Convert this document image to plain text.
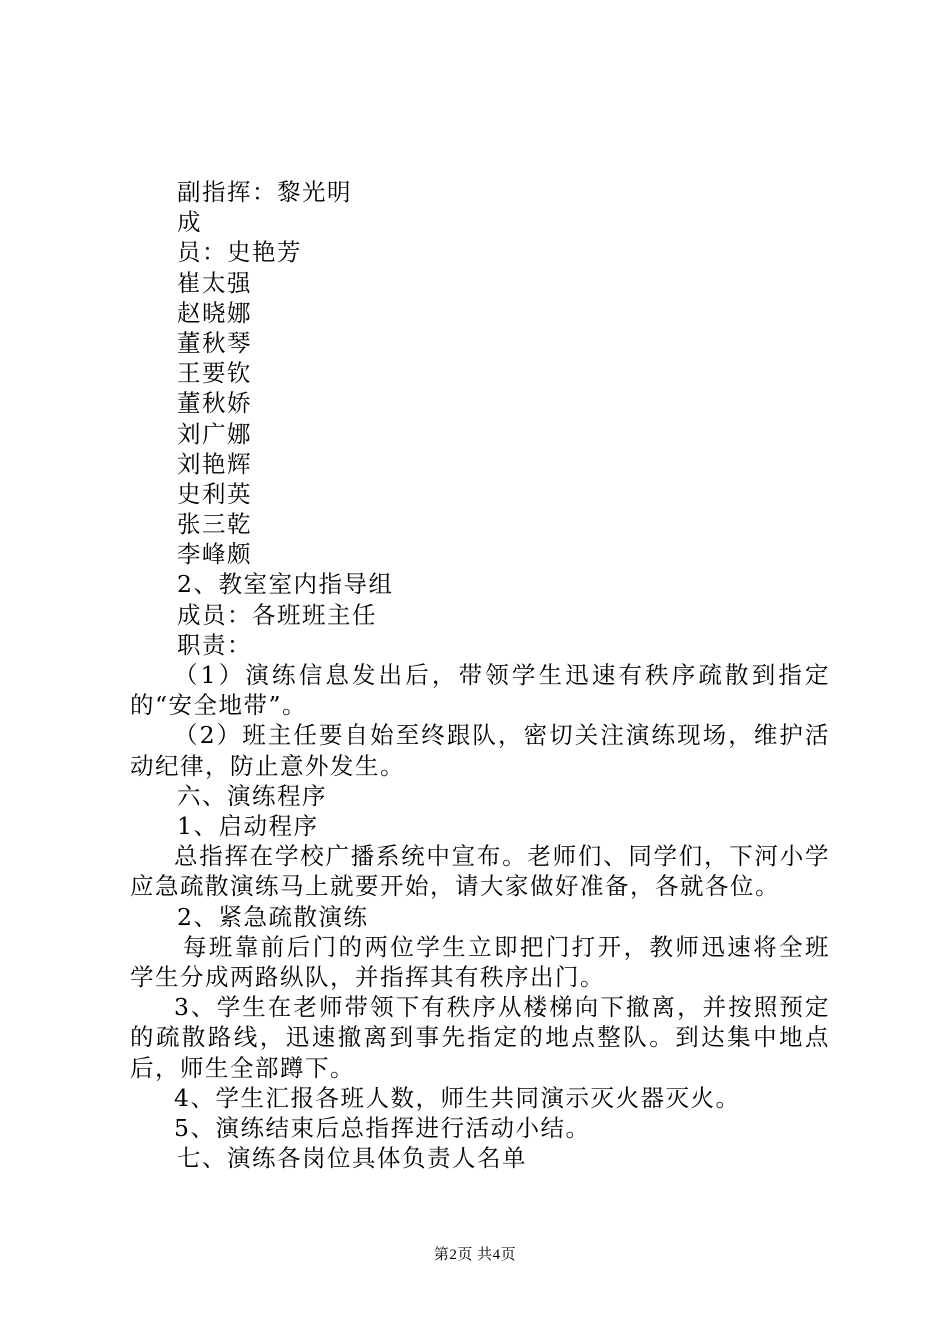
副指挥：黎光明
成
员：史艳芳
崔太强
赵晓娜
董秋琴
王要钦
董秋娇
刘广娜
刘艳辉
史利英
张三乾
李峰颇
2、教室室内指导组
成员：各班班主任
职责：
（1）演练信息发出后，带领学生迅速有秩序疏散到指定的“安全地带”。
（2）班主任要自始至终跟队，密切关注演练现场，维护活动纪律，防止意外发生。
六、演练程序
1、启动程序
总指挥在学校广播系统中宣布。老师们、同学们，下河小学应急疏散演练马上就要开始，请大家做好准备，各就各位。
2、紧急疏散演练
每班靠前后门的两位学生立即把门打开，教师迅速将全班学生分成两路纵队，并指挥其有秩序出门。
3、学生在老师带领下有秩序从楼梯向下撤离，并按照预定的疏散路线，迅速撤离到事先指定的地点整队。到达集中地点后，师生全部蹲下。
4、学生汇报各班人数，师生共同演示灭火器灭火。
5、演练结束后总指挥进行活动小结。
七、演练各岗位具体负责人名单
第2页 共4页
